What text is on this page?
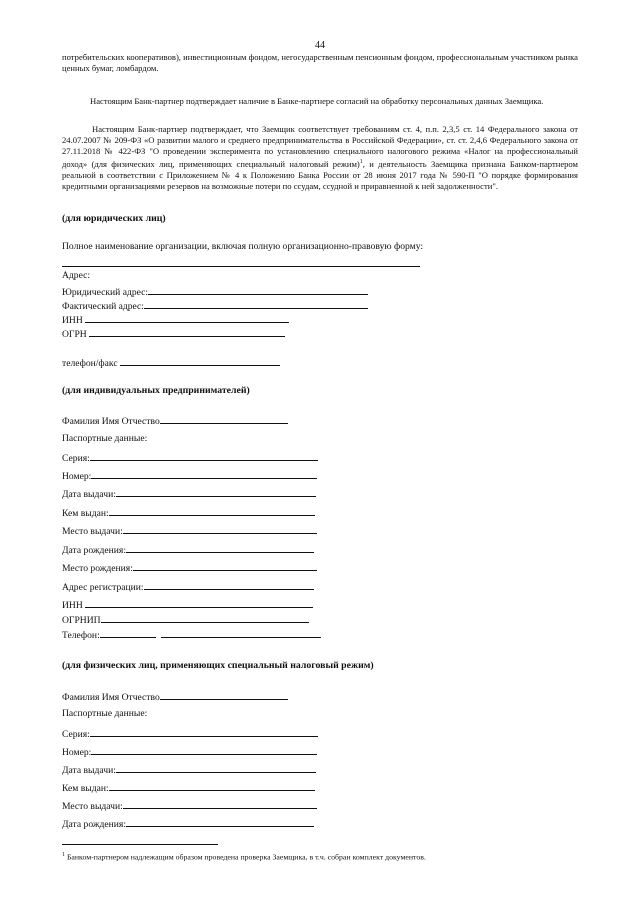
44
потребительских кооперативов), инвестиционным фондом, негосударственным пенсионным фондом, профессиональным участником рынка ценных бумаг, ломбардом.
Настоящим Банк-партнер подтверждает наличие в Банке-партнере согласий на обработку персональных данных Заемщика.
Настоящим Банк-партнер подтверждает, что Заемщик соответствует требованиям ст. 4, п.п. 2,3,5 ст. 14 Федерального закона от 24.07.2007 № 209-ФЗ «О развитии малого и среднего предпринимательства в Российской Федерации», ст. ст. 2,4,6 Федерального закона от 27.11.2018 № 422-ФЗ "О проведении эксперимента по установлению специального налогового режима «Налог на профессиональный доход» (для физических лиц, применяющих специальный налоговый режим)$^1$, и деятельность Заемщика признана Банком-партнером реальной в соответствии с Приложением № 4 к Положению Банка России от 28 июня 2017 года № 590-П "О порядке формирования кредитными организациями резервов на возможные потери по ссудам, ссудной и приравненной к ней задолженности".
(для юридических лиц)
Полное наименование организации, включая полную организационно-правовую форму:
Адрес:
Юридический адрес:
Фактический адрес:
ИНН
ОГРН
телефон/факс
(для индивидуальных предпринимателей)
Фамилия Имя Отчество
Паспортные данные:
Серия:
Номер:
Дата выдачи:
Кем выдан:
Место выдачи:
Дата рождения:
Место рождения:
Адрес регистрации:
ИНН
ОГРНИП
Телефон:
(для физических лиц, применяющих специальный налоговый режим)
Фамилия Имя Отчество
Паспортные данные:
Серия:
Номер:
Дата выдачи:
Кем выдан:
Место выдачи:
Дата рождения:
$^1$ Банком-партнером надлежащим образом проведена проверка Заемщика, в т.ч. собран комплект документов.
